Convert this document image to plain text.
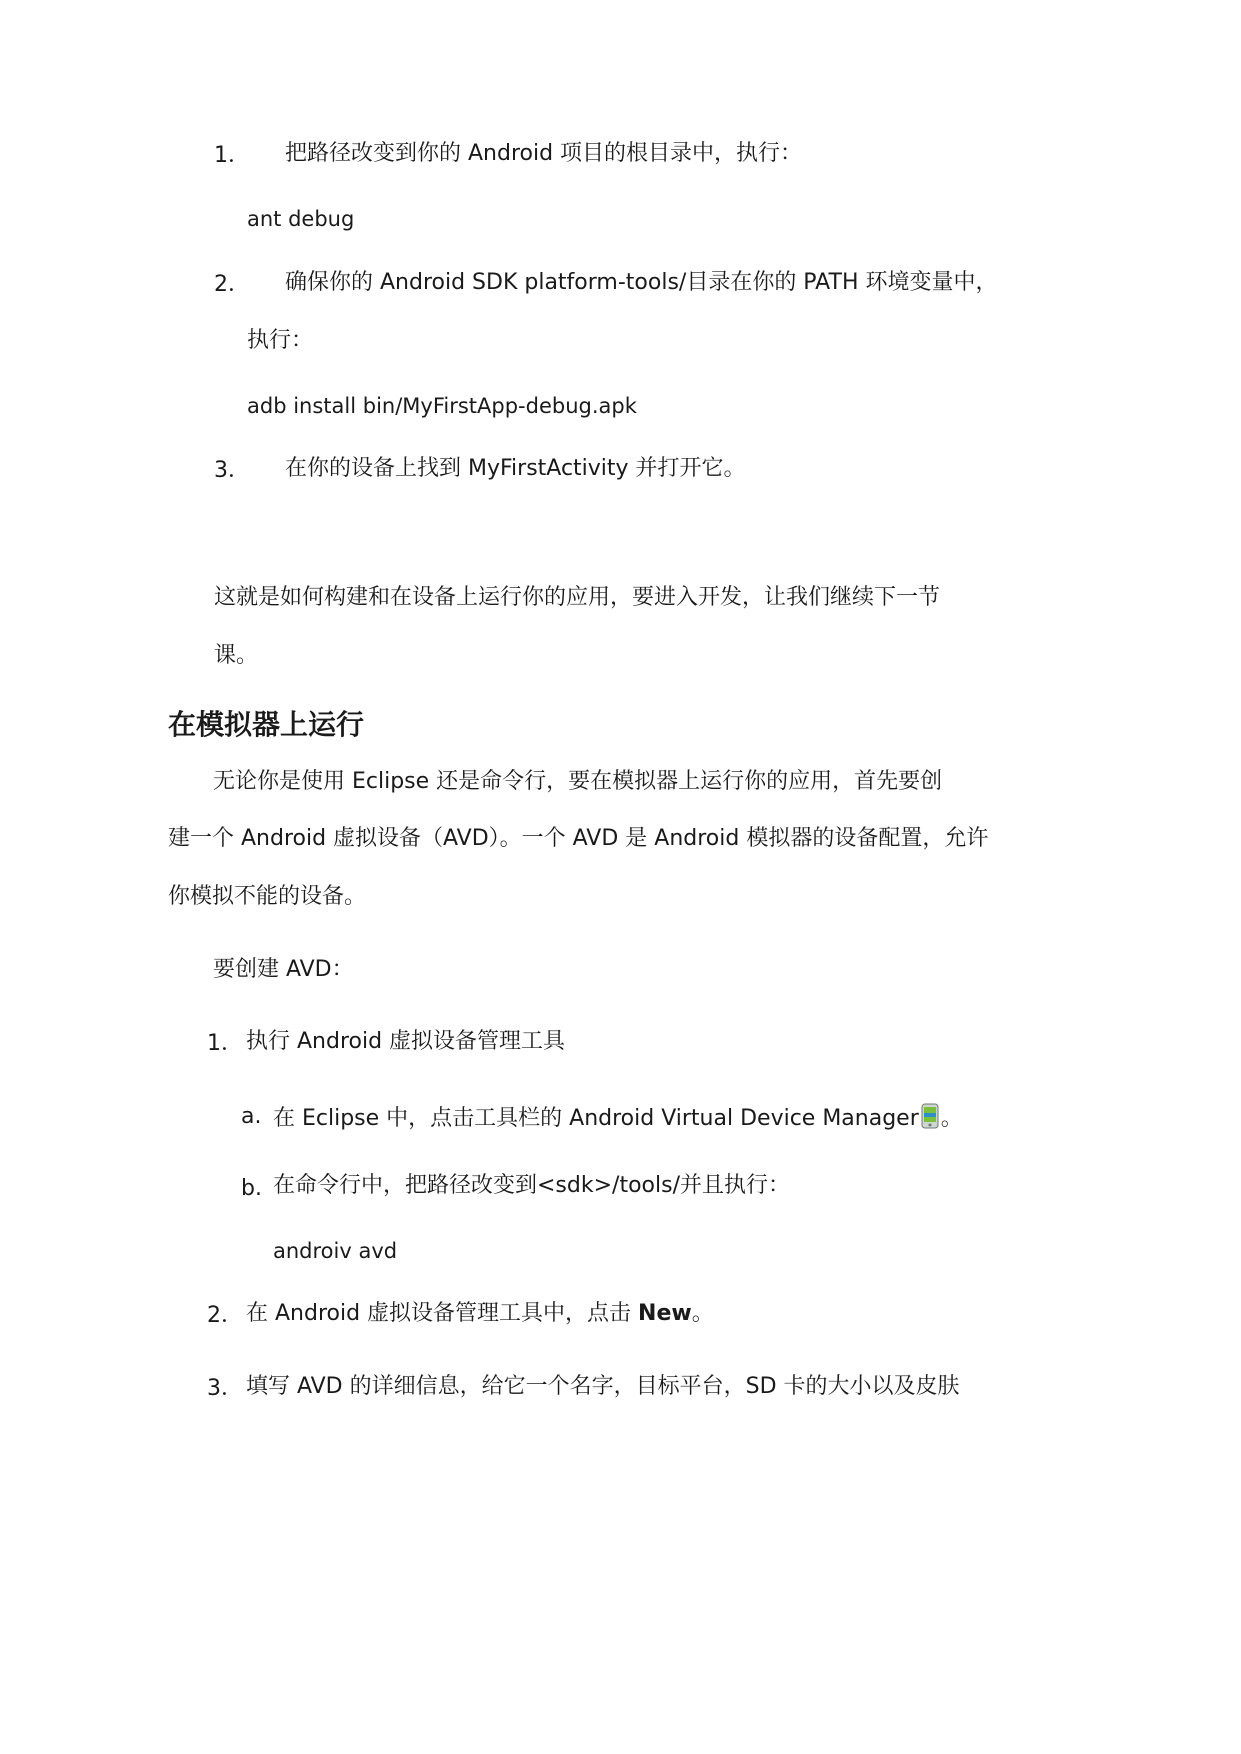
1． 把路径改变到你的 Android 项目的根目录中，执行：
ant debug
2． 确保你的 Android SDK platform-tools/目录在你的 PATH 环境变量中，
执行：
adb install bin/MyFirstApp-debug.apk
3． 在你的设备上找到 MyFirstActivity 并打开它。
这就是如何构建和在设备上运行你的应用，要进入开发，让我们继续下一节
课。
在模拟器上运行
无论你是使用 Eclipse 还是命令行，要在模拟器上运行你的应用，首先要创
建一个 Android 虚拟设备（AVD）。一个 AVD 是 Android 模拟器的设备配置，允许
你模拟不能的设备。
要创建 AVD：
1． 执行 Android 虚拟设备管理工具
a. 在 Eclipse 中，点击工具栏的 Android Virtual Device Manager 。
b. 在命令行中，把路径改变到<sdk>/tools/并且执行：
androiv avd
2． 在 Android 虚拟设备管理工具中，点击 New。
3． 填写 AVD 的详细信息，给它一个名字，目标平台，SD 卡的大小以及皮肤
